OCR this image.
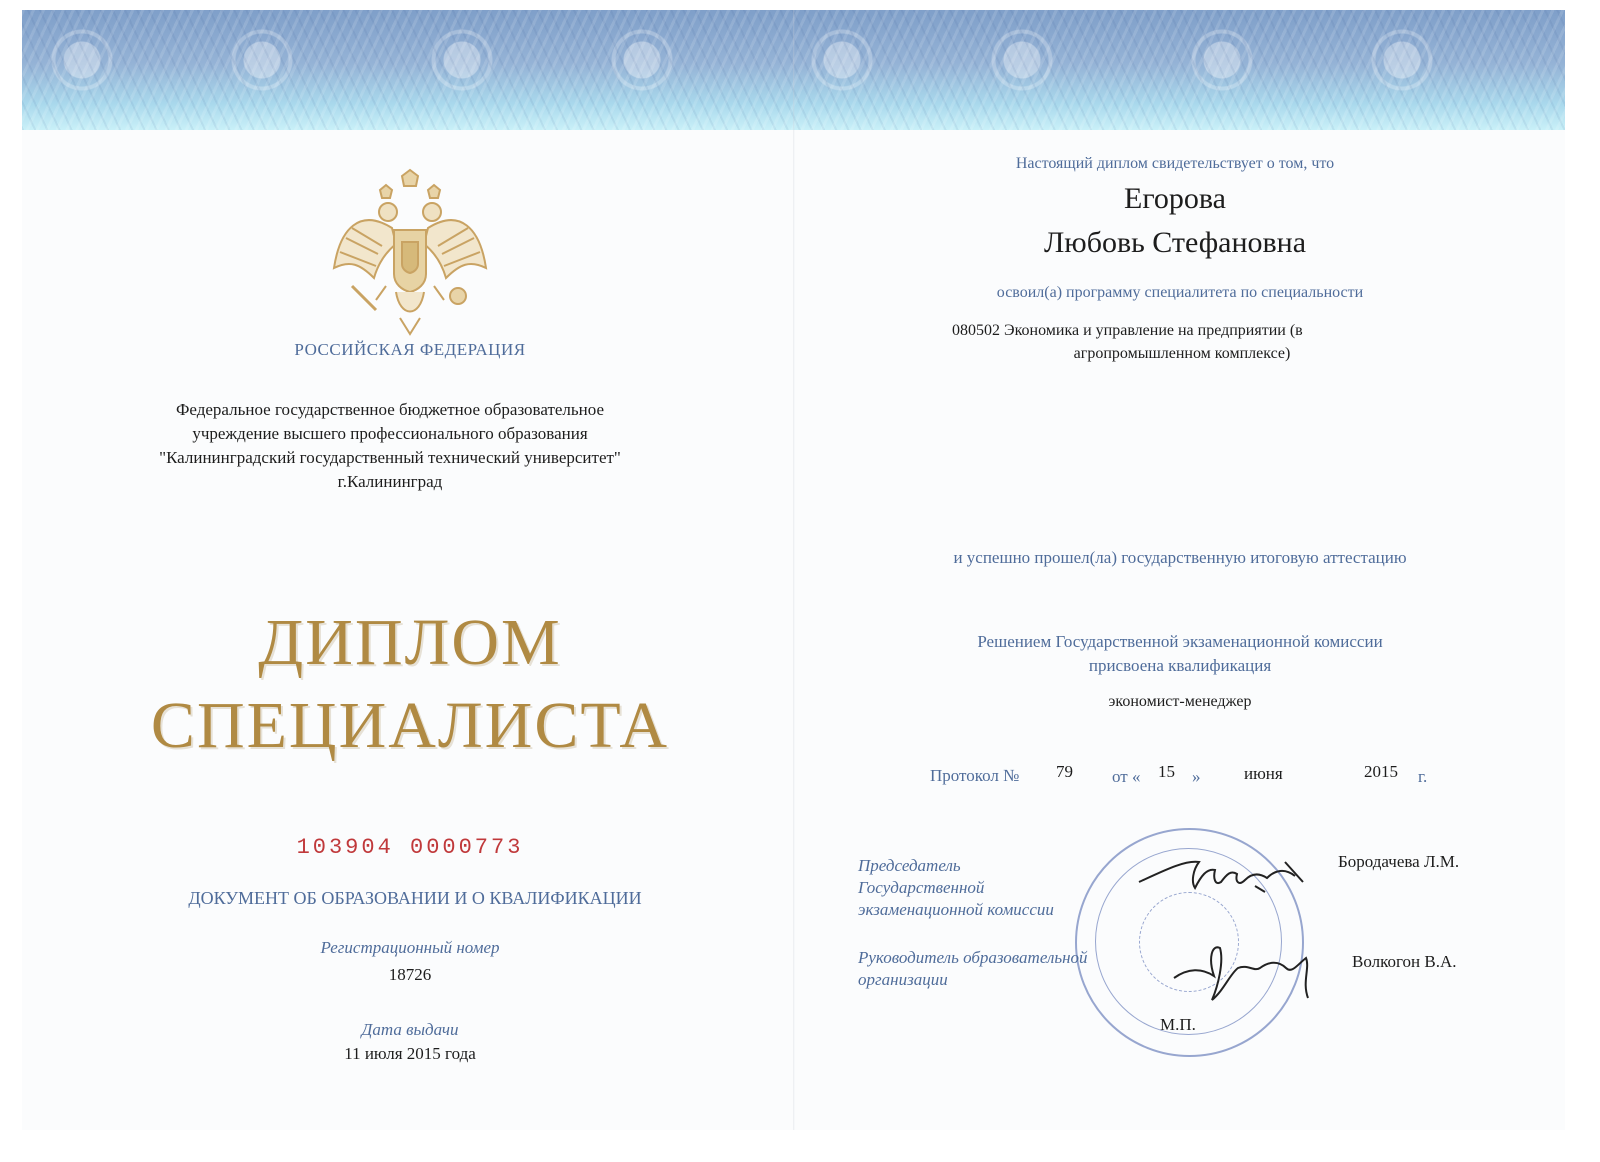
РОССИЙСКАЯ ФЕДЕРАЦИЯ
Федеральное государственное бюджетное образовательное
учреждение высшего профессионального образования
"Калининградский государственный технический университет"
г.Калининград
ДИПЛОМ
СПЕЦИАЛИСТА
103904 0000773
ДОКУМЕНТ ОБ ОБРАЗОВАНИИ И О КВАЛИФИКАЦИИ
Регистрационный номер
18726
Дата выдачи
11 июля 2015 года
Настоящий диплом свидетельствует о том, что
Егорова
Любовь Стефановна
освоил(а) программу специалитета по специальности
080502 Экономика и управление на предприятии (в
агропромышленном комплексе)
и успешно прошел(ла) государственную итоговую аттестацию
Решением Государственной экзаменационной комиссии
присвоена квалификация
экономист-менеджер
Протокол № 79 от « 15 »	июня	2015 г.
Председатель
Государственной
экзаменационной комиссии
Бородачева Л.М.
Руководитель образовательной
организации
Волкогон В.А.
М.П.
